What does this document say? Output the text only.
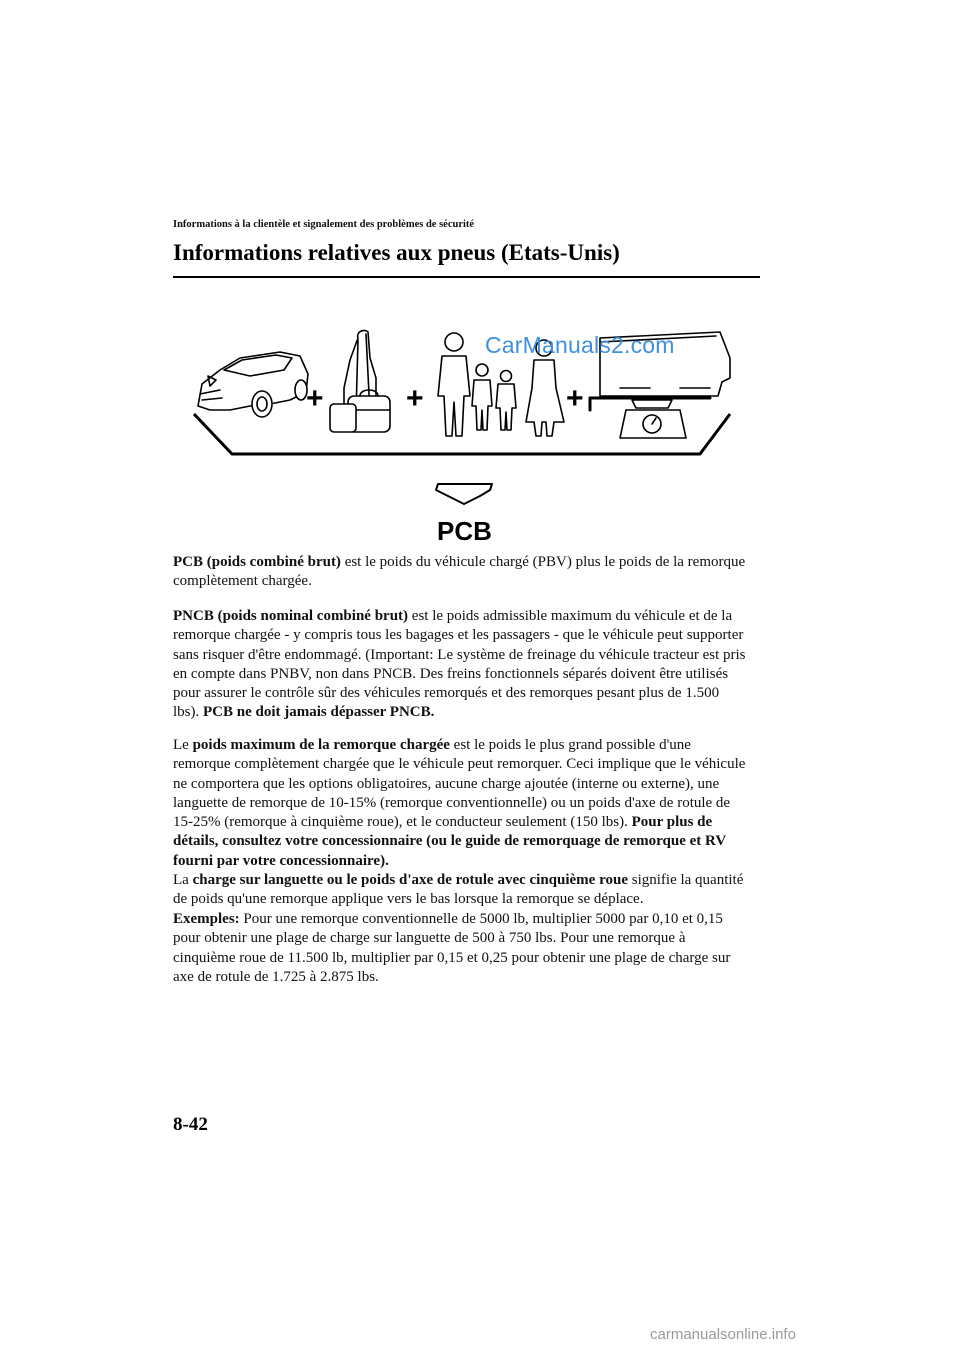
Informations à la clientèle et signalement des problèmes de sécurité
Informations relatives aux pneus (Etats-Unis)
+	+	+
CarManuals2.com
PCB

PCB (poids combiné brut) est le poids du véhicule chargé (PBV) plus le poids de la remorque complètement chargée.

PNCB (poids nominal combiné brut) est le poids admissible maximum du véhicule et de la remorque chargée - y compris tous les bagages et les passagers - que le véhicule peut supporter sans risquer d'être endommagé. (Important: Le système de freinage du véhicule tracteur est pris en compte dans PNBV, non dans PNCB. Des freins fonctionnels séparés doivent être utilisés pour assurer le contrôle sûr des véhicules remorqués et des remorques pesant plus de 1.500 lbs). PCB ne doit jamais dépasser PNCB.

Le poids maximum de la remorque chargée est le poids le plus grand possible d'une remorque complètement chargée que le véhicule peut remorquer. Ceci implique que le véhicule ne comportera que les options obligatoires, aucune charge ajoutée (interne ou externe), une languette de remorque de 10-15% (remorque conventionnelle) ou un poids d'axe de rotule de 15-25% (remorque à cinquième roue), et le conducteur seulement (150 lbs). Pour plus de détails, consultez votre concessionnaire (ou le guide de remorquage de remorque et RV fourni par votre concessionnaire).
La charge sur languette ou le poids d'axe de rotule avec cinquième roue signifie la quantité de poids qu'une remorque applique vers le bas lorsque la remorque se déplace.

Exemples: Pour une remorque conventionnelle de 5000 lb, multiplier 5000 par 0,10 et 0,15 pour obtenir une plage de charge sur languette de 500 à 750 lbs. Pour une remorque à cinquième roue de 11.500 lb, multiplier par 0,15 et 0,25 pour obtenir une plage de charge sur axe de rotule de 1.725 à 2.875 lbs.

8-42
carmanualsonline.info
